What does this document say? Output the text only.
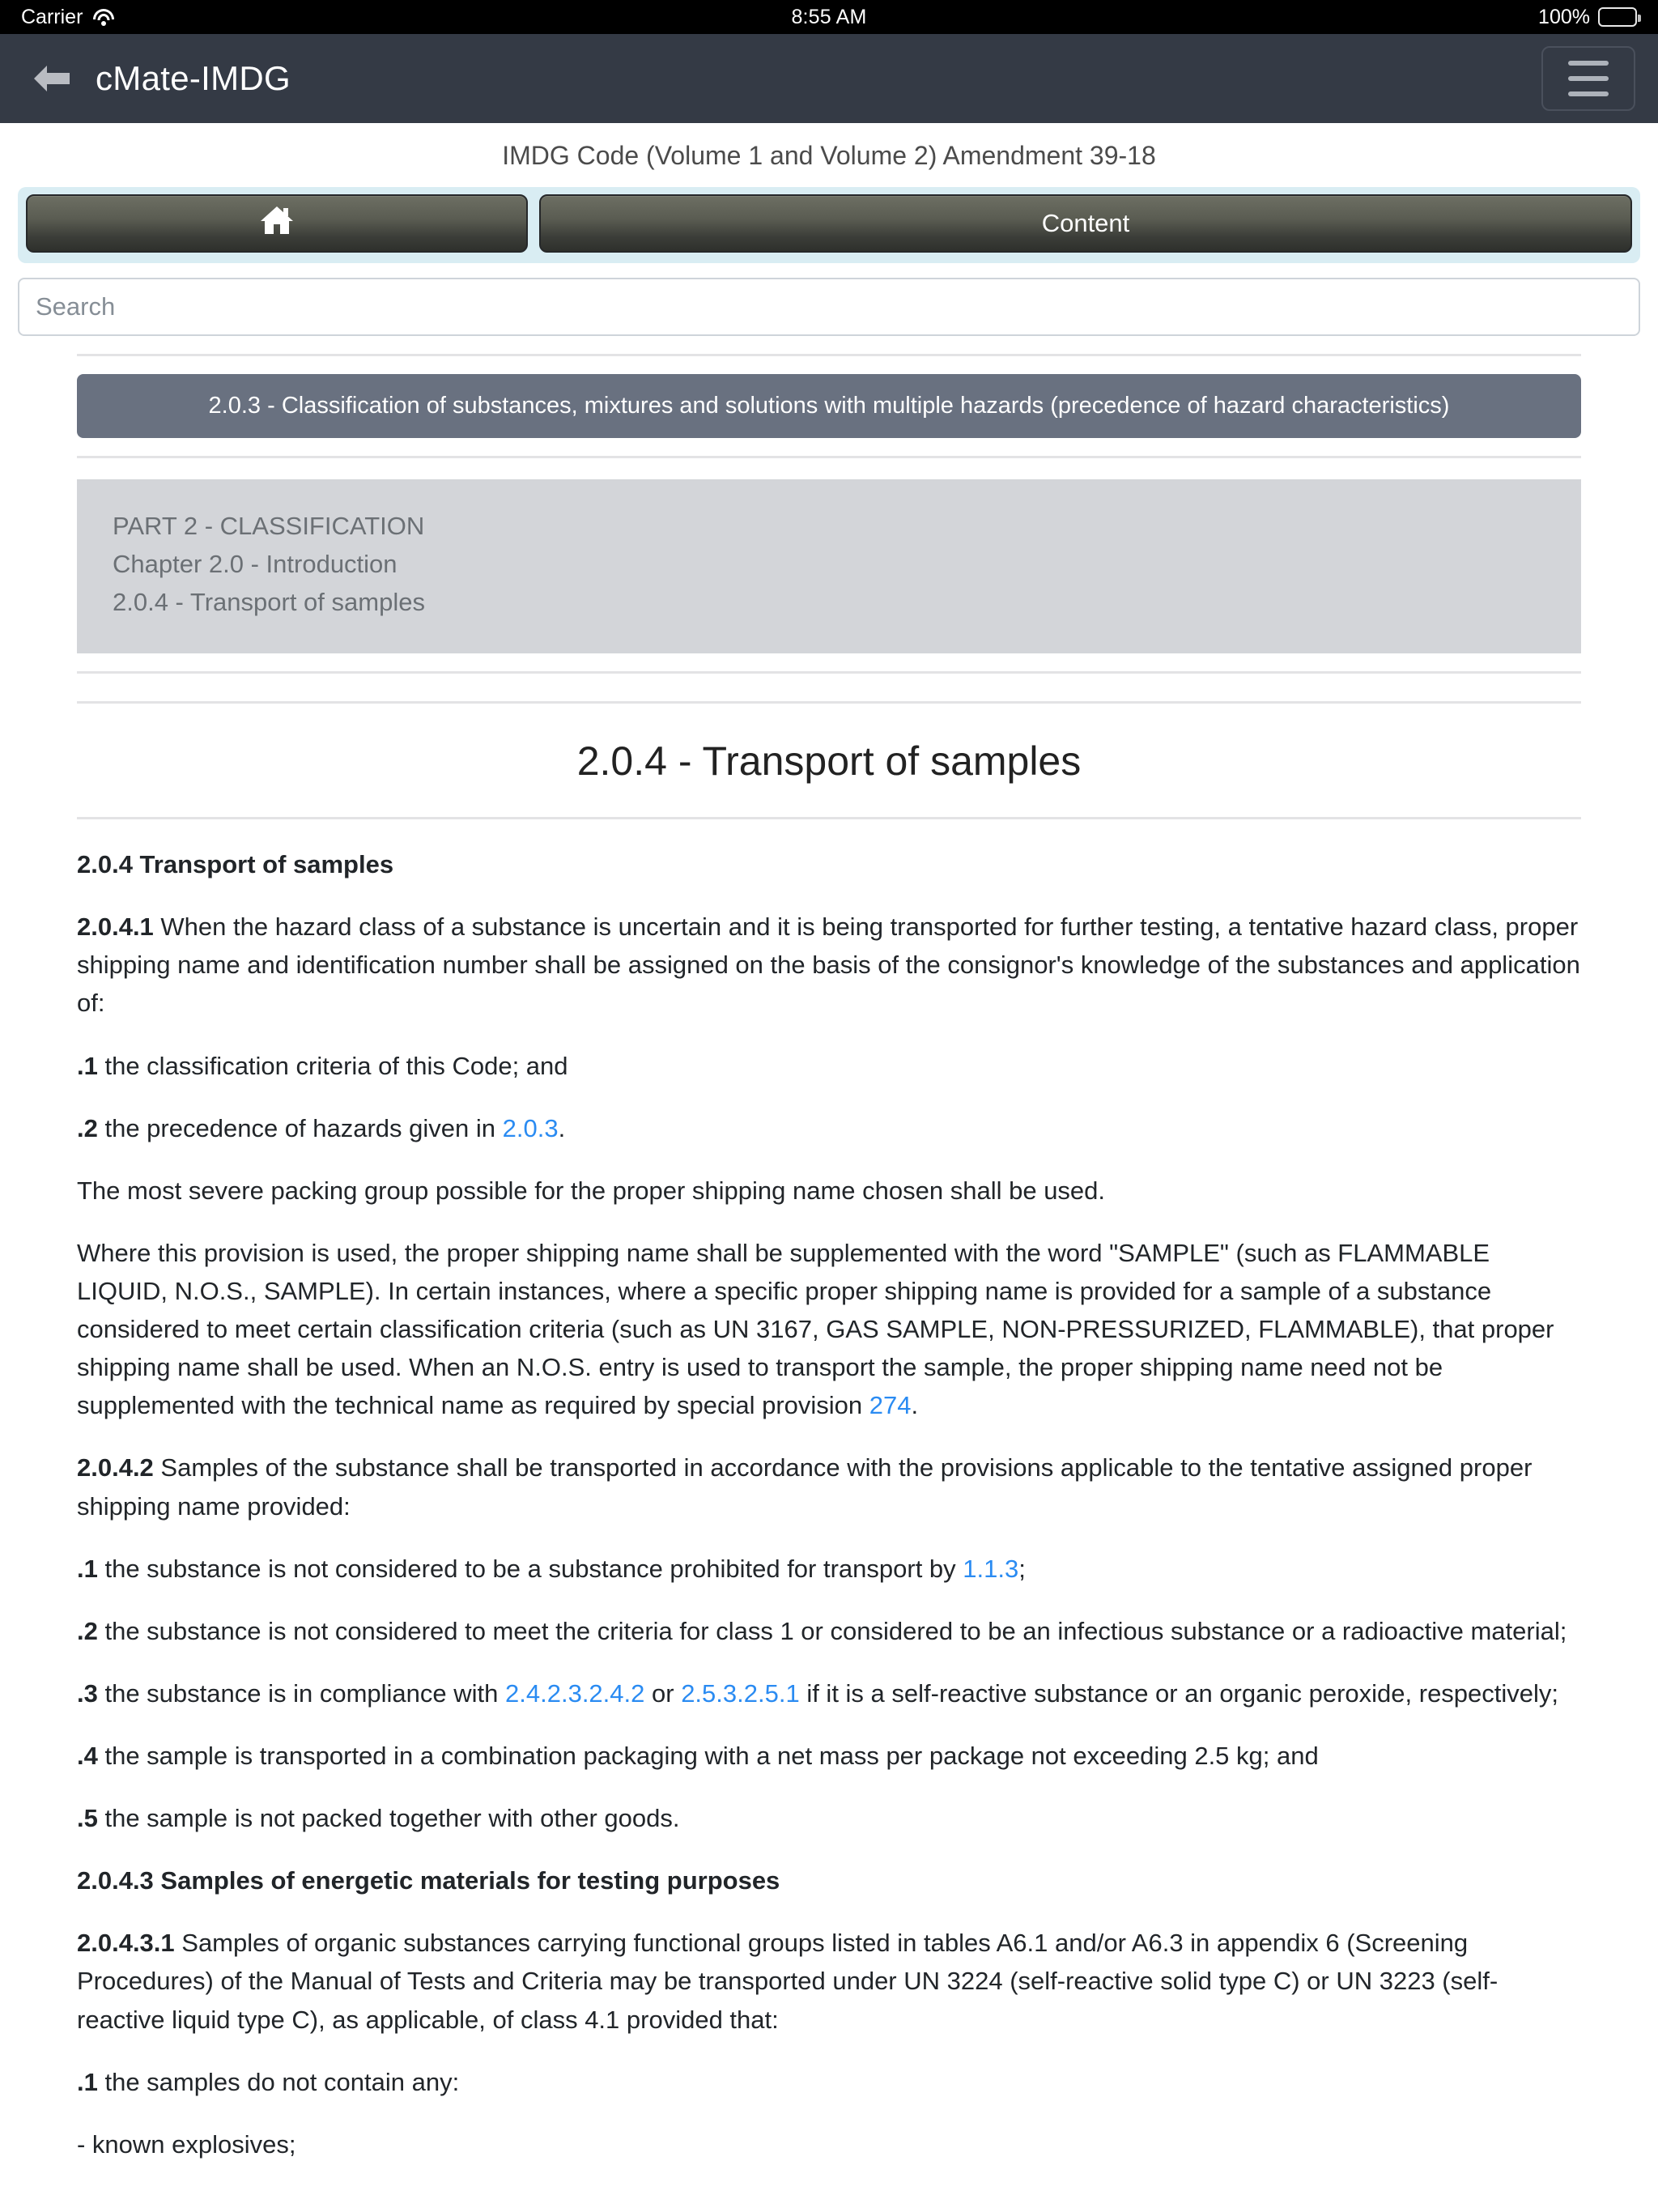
Carrier	8:55 AM	100%
cMate-IMDG
IMDG Code (Volume 1 and Volume 2) Amendment 39-18
Content
Search
2.0.3 - Classification of substances, mixtures and solutions with multiple hazards (precedence of hazard characteristics)
PART 2 - CLASSIFICATION
Chapter 2.0 - Introduction
2.0.4 - Transport of samples
2.0.4 - Transport of samples

2.0.4 Transport of samples

2.0.4.1 When the hazard class of a substance is uncertain and it is being transported for further testing, a tentative hazard class, proper shipping name and identification number shall be assigned on the basis of the consignor's knowledge of the substances and application of:

.1 the classification criteria of this Code; and

.2 the precedence of hazards given in 2.0.3.

The most severe packing group possible for the proper shipping name chosen shall be used.

Where this provision is used, the proper shipping name shall be supplemented with the word "SAMPLE" (such as FLAMMABLE LIQUID, N.O.S., SAMPLE). In certain instances, where a specific proper shipping name is provided for a sample of a substance considered to meet certain classification criteria (such as UN 3167, GAS SAMPLE, NON-PRESSURIZED, FLAMMABLE), that proper shipping name shall be used. When an N.O.S. entry is used to transport the sample, the proper shipping name need not be supplemented with the technical name as required by special provision 274.

2.0.4.2 Samples of the substance shall be transported in accordance with the provisions applicable to the tentative assigned proper shipping name provided:

.1 the substance is not considered to be a substance prohibited for transport by 1.1.3;

.2 the substance is not considered to meet the criteria for class 1 or considered to be an infectious substance or a radioactive material;

.3 the substance is in compliance with 2.4.2.3.2.4.2 or 2.5.3.2.5.1 if it is a self-reactive substance or an organic peroxide, respectively;

.4 the sample is transported in a combination packaging with a net mass per package not exceeding 2.5 kg; and

.5 the sample is not packed together with other goods.

2.0.4.3 Samples of energetic materials for testing purposes

2.0.4.3.1 Samples of organic substances carrying functional groups listed in tables A6.1 and/or A6.3 in appendix 6 (Screening Procedures) of the Manual of Tests and Criteria may be transported under UN 3224 (self-reactive solid type C) or UN 3223 (self-reactive liquid type C), as applicable, of class 4.1 provided that:

.1 the samples do not contain any:

- known explosives;
